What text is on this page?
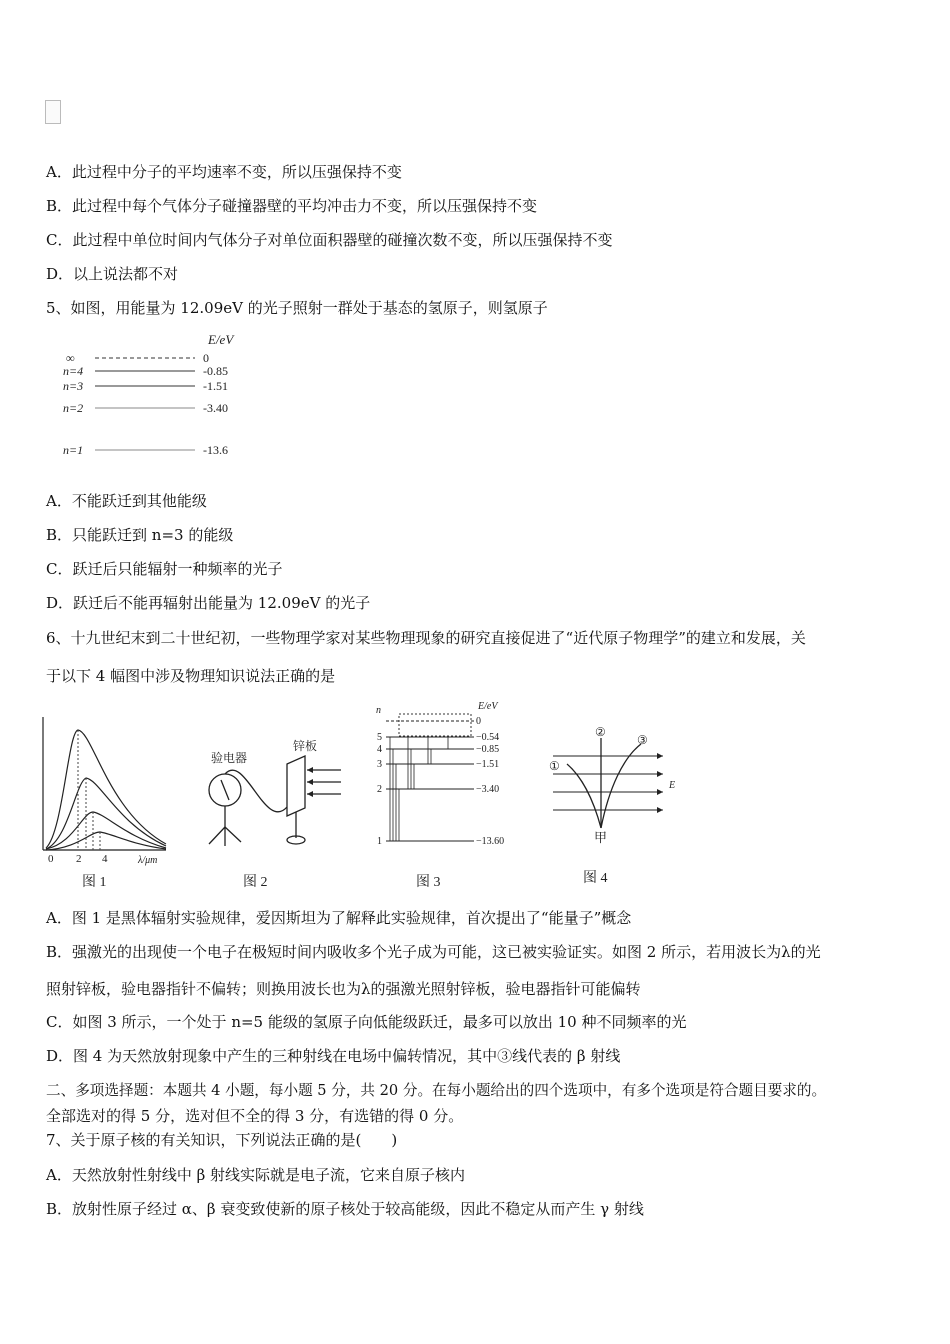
A．此过程中分子的平均速率不变，所以压强保持不变
B．此过程中每个气体分子碰撞器壁的平均冲击力不变，所以压强保持不变
C．此过程中单位时间内气体分子对单位面积器壁的碰撞次数不变，所以压强保持不变
D．以上说法都不对
5、如图，用能量为 12.09eV 的光子照射一群处于基态的氢原子，则氢原子
E/eV
∞
n=4
n=3
n=2
n=1
0
-0.85
-1.51
-3.40
-13.6
A．不能跃迁到其他能级
B．只能跃迁到 n=3 的能级
C．跃迁后只能辐射一种频率的光子
D．跃迁后不能再辐射出能量为 12.09eV 的光子
6、十九世纪末到二十世纪初，一些物理学家对某些物理现象的研究直接促进了“近代原子物理学”的建立和发展，关
于以下 4 幅图中涉及物理知识说法正确的是
0 2 4	λ/μm
图 1
验电器
锌板
图 2
n	E/eV
0
5	−0.54
4	−0.85
3	−1.51
2	−3.40
1	−13.60
图 3
①
②
③
E
甲
图 4
A．图 1 是黑体辐射实验规律，爱因斯坦为了解释此实验规律，首次提出了“能量子”概念
B．强激光的出现使一个电子在极短时间内吸收多个光子成为可能，这已被实验证实。如图 2 所示，若用波长为λ的光
照射锌板，验电器指针不偏转；则换用波长也为λ的强激光照射锌板，验电器指针可能偏转
C．如图 3 所示，一个处于 n=5 能级的氢原子向低能级跃迁，最多可以放出 10 种不同频率的光
D．图 4 为天然放射现象中产生的三种射线在电场中偏转情况，其中③线代表的 β 射线
二、多项选择题：本题共 4 小题，每小题 5 分，共 20 分。在每小题给出的四个选项中，有多个选项是符合题目要求的。
全部选对的得 5 分，选对但不全的得 3 分，有选错的得 0 分。
7、关于原子核的有关知识，下列说法正确的是(　　)
A．天然放射性射线中 β 射线实际就是电子流，它来自原子核内
B．放射性原子经过 α、β 衰变致使新的原子核处于较高能级，因此不稳定从而产生 γ 射线
